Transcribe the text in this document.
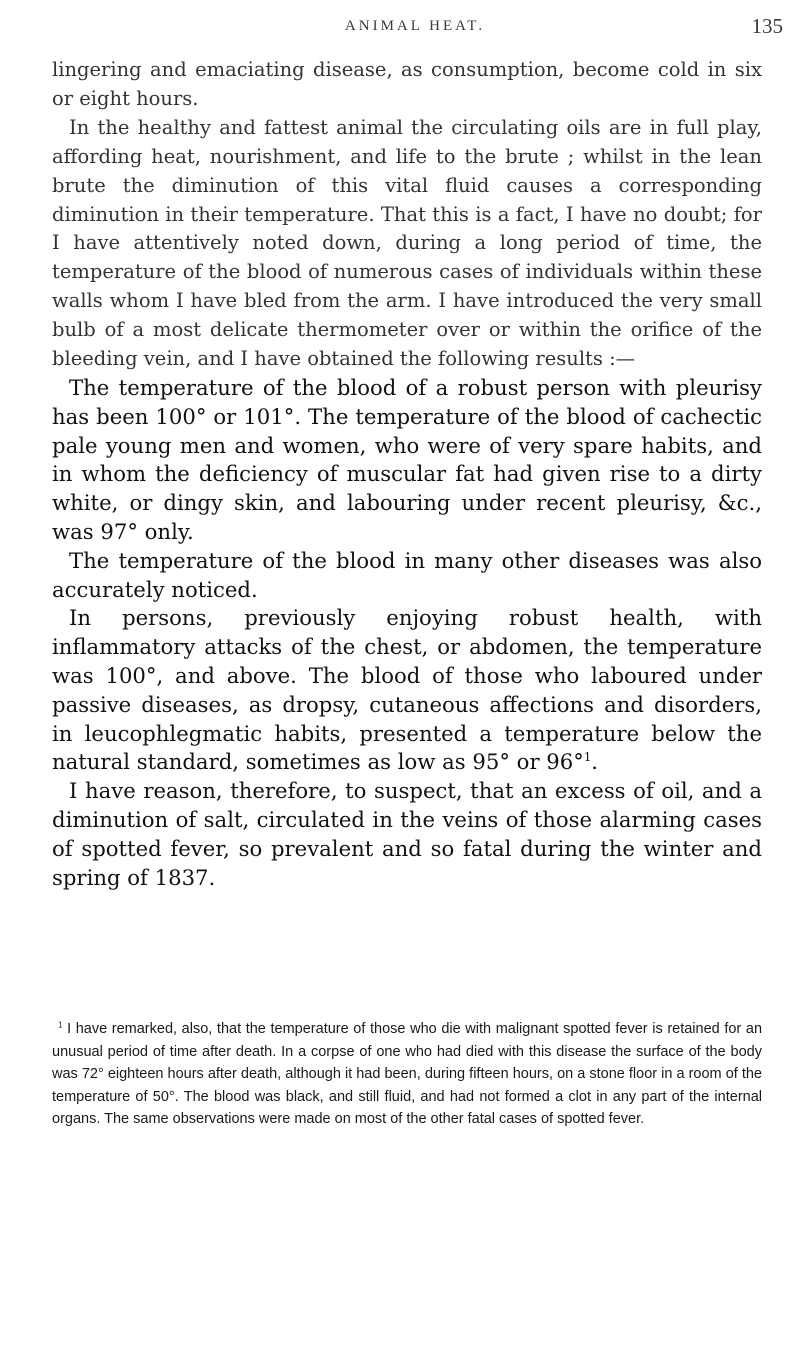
ANIMAL HEAT.	135

lingering and emaciating disease, as consumption, become cold in six or eight hours.

In the healthy and fattest animal the circulating oils are in full play, affording heat, nourishment, and life to the brute ; whilst in the lean brute the diminution of this vital fluid causes a corresponding diminution in their temperature. That this is a fact, I have no doubt; for I have attentively noted down, during a long period of time, the temperature of the blood of numerous cases of individuals within these walls whom I have bled from the arm. I have introduced the very small bulb of a most delicate thermometer over or within the orifice of the bleeding vein, and I have obtained the following results :—

The temperature of the blood of a robust person with pleurisy has been 100° or 101°. The temperature of the blood of cachectic pale young men and women, who were of very spare habits, and in whom the deficiency of muscular fat had given rise to a dirty white, or dingy skin, and labouring under recent pleurisy, &c., was 97° only.

The temperature of the blood in many other diseases was also accurately noticed.

In persons, previously enjoying robust health, with inflammatory attacks of the chest, or abdomen, the temperature was 100°, and above. The blood of those who laboured under passive diseases, as dropsy, cutaneous affections and disorders, in leucophlegmatic habits, presented a temperature below the natural standard, sometimes as low as 95° or 96°$^1$.

I have reason, therefore, to suspect, that an excess of oil, and a diminution of salt, circulated in the veins of those alarming cases of spotted fever, so prevalent and so fatal during the winter and spring of 1837.

$^1$ I have remarked, also, that the temperature of those who die with malignant spotted fever is retained for an unusual period of time after death. In a corpse of one who had died with this disease the surface of the body was 72° eighteen hours after death, although it had been, during fifteen hours, on a stone floor in a room of the temperature of 50°. The blood was black, and still fluid, and had not formed a clot in any part of the internal organs. The same observations were made on most of the other fatal cases of spotted fever.
